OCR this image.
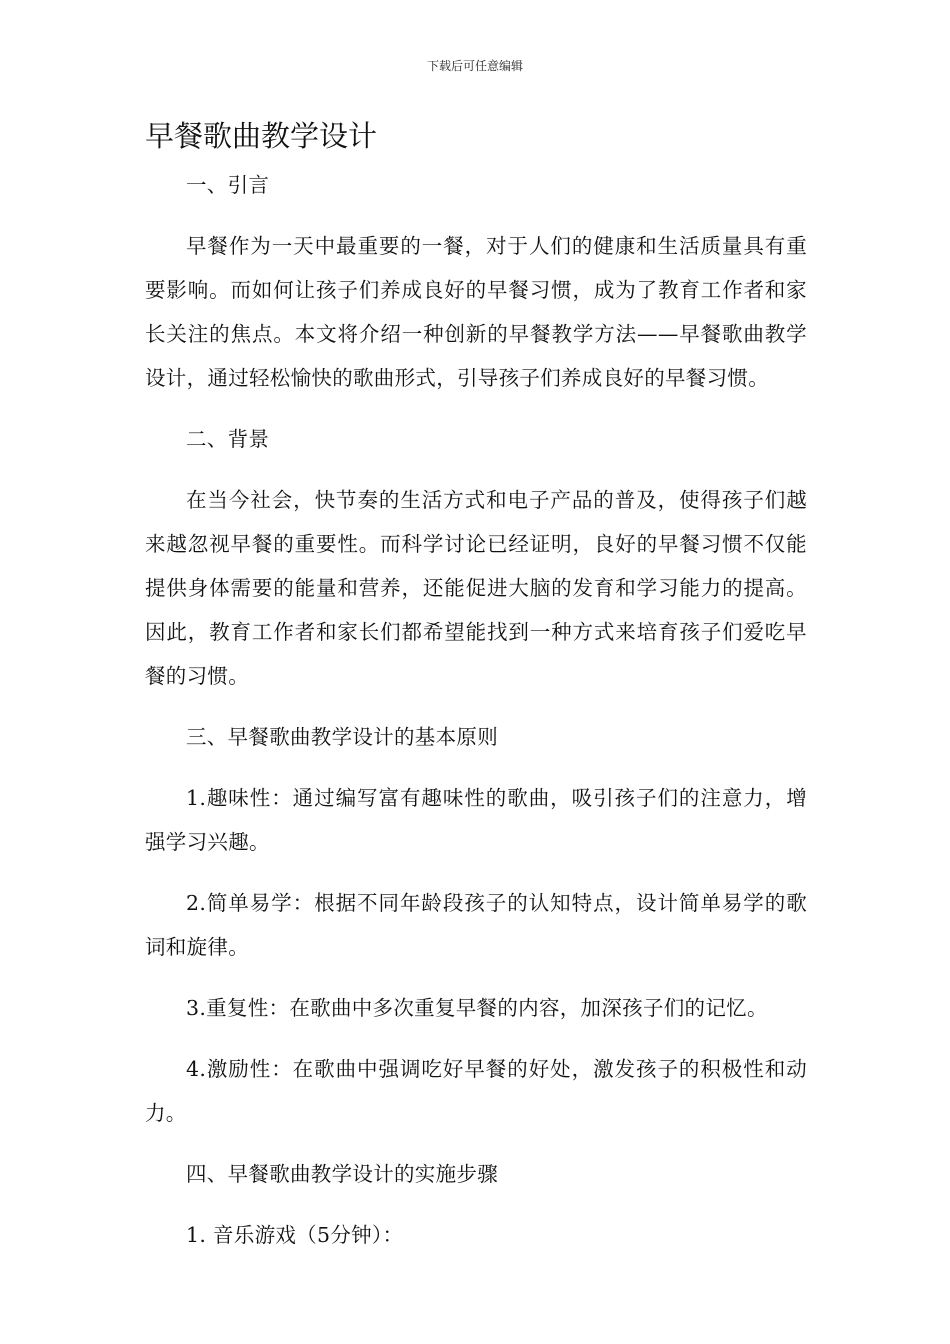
下载后可任意编辑
早餐歌曲教学设计

一、引言

早餐作为一天中最重要的一餐，对于人们的健康和生活质量具有重要影响。而如何让孩子们养成良好的早餐习惯，成为了教育工作者和家长关注的焦点。本文将介绍一种创新的早餐教学方法——早餐歌曲教学设计，通过轻松愉快的歌曲形式，引导孩子们养成良好的早餐习惯。

二、背景

在当今社会，快节奏的生活方式和电子产品的普及，使得孩子们越来越忽视早餐的重要性。而科学讨论已经证明，良好的早餐习惯不仅能提供身体需要的能量和营养，还能促进大脑的发育和学习能力的提高。因此，教育工作者和家长们都希望能找到一种方式来培育孩子们爱吃早餐的习惯。

三、早餐歌曲教学设计的基本原则

1.趣味性：通过编写富有趣味性的歌曲，吸引孩子们的注意力，增强学习兴趣。

2.简单易学：根据不同年龄段孩子的认知特点，设计简单易学的歌词和旋律。

3.重复性：在歌曲中多次重复早餐的内容，加深孩子们的记忆。

4.激励性：在歌曲中强调吃好早餐的好处，激发孩子的积极性和动力。

四、早餐歌曲教学设计的实施步骤

1. 音乐游戏（5分钟）：
